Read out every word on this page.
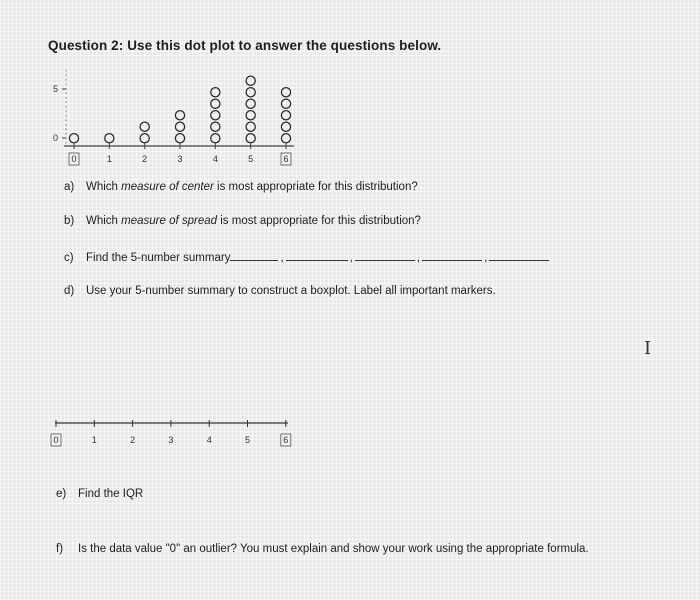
Question 2: Use this dot plot to answer the questions below.
5
0
0	1	2	3	4	5	6
a) Which measure of center is most appropriate for this distribution?
b) Which measure of spread is most appropriate for this distribution?
c) Find the 5-number summary	,	,	,	,
d) Use your 5-number summary to construct a boxplot. Label all important markers.
0	1	2	3	4	5	6
e) Find the IQR
f) Is the data value "0" an outlier? You must explain and show your work using the appropriate formula.
I
